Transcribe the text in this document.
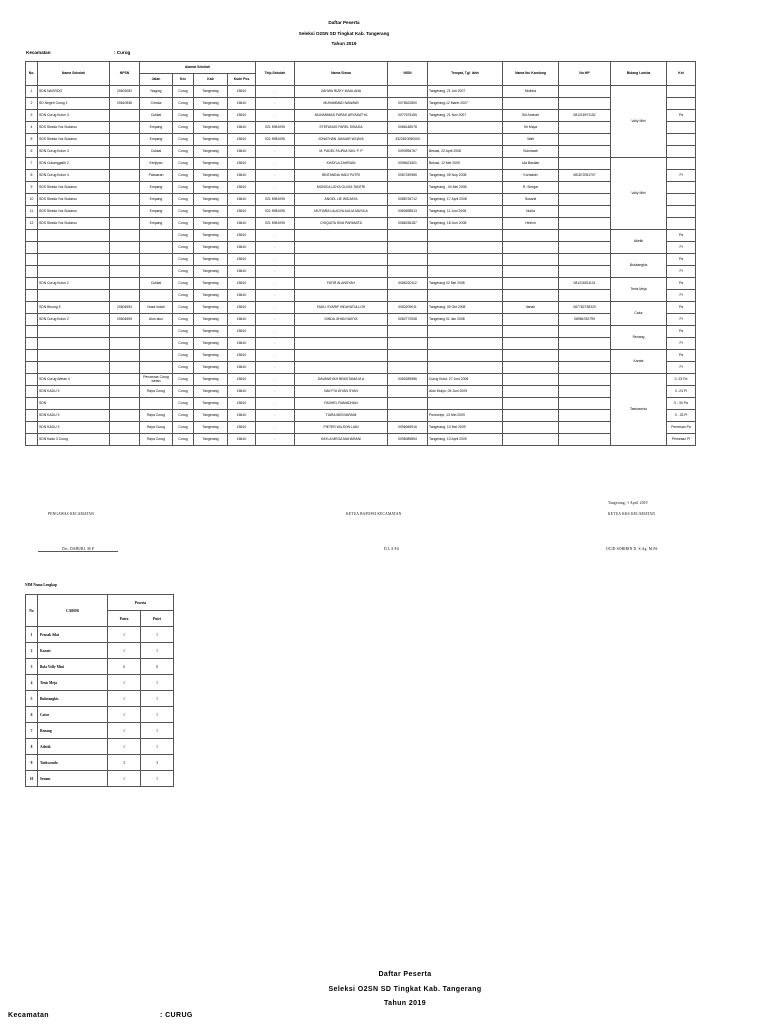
Daftar Peserta
Seleksi O2SN SD Tingkat Kab. Tangerang
Tahun 2019
Kecamatan	: Curug
No.	Nama Sekolah	NPSN	Alamat Sekolah				Telp.Sekolah	Nama Siswa	NISN	Tempat, Tgl. lahir	Nama Ibu Kandung	No.HP	Bidang Lomba	Ket
			Jalan	Kec	Kab	Kode Pos								
1	SDN NAGROG	20603052	Nagrog	Curug	Tangerang	15810	-	ZAHWA RIZKY MAULANA		Tangerang, 21 Juli 2007	Mufrina		Volly Mini	
2	SD Negeri Curug 1	20610536	Cimota	Curug	Tangerang	15810	-	MUHAMMAD NAWAWI	0076622800	Tangerang,12 Maret 2007				
3	SDN Curug Kulon 3		Cukkal	Curug	Tangerang	15810	-	MUHAMMAD FARAS ARYASATYA	0077675165	Tangerang, 21 Nov 2007	Siti Aminah	081216971152		Pa
4	SDS Strada Yos Sudarso		Empang	Curug	Tangerang	15810	021 5981095	STEFANUS FAREL SINAGA	0066148078		Sri Maya			
5	SDS Strada Yos Sudarso		Empang	Curug	Tangerang	15810	021 5981095	JONATHAN JANUAR WIJAYA	3322810050000		Wati			
6	SDN Curug Kulon 3		Cukkal	Curug	Tangerang	15810	-	M. FADEL FAJRULYAN. P. P	0093996767	Bekasi, 22 April 2008	Sulshwati			
7	SDN Cukanggalih 2		Kenjiyan	Curug	Tangerang	15810	-	KHAYLA ZAHRANI	0096621501	Bekasi, 12 Mei 2009	Lila Bastiah		Volly Mini	
8	SDN Curug Kulon 4		Pabuaran	Curug	Tangerang	15810	-	BINTANINA HADI PUTRI	0087249985	Tangerang, 05 Nop 2008	Kurniasih	081872051707		Pi
9	SDS Strada Yos Sudarso		Empang	Curug	Tangerang	15810	-	MONICA LIDYA OLIVIA TANTRI		Tangerang , 04 Mei 2008	R. Siregar			
10	SDS Strada Yos Sudarso		Empang	Curug	Tangerang	15810	021 5981095	ANGEL LIE WIDJAYA	0088726712	Tangerang, 17 April 2008	Susanti			
11	SDS Strada Yos Sudarso		Empang	Curug	Tangerang	15810	021 5981095	MUTIARA LALIDYA AULIA MUSILA	0083698513	Tangerang, 11 Juni 2008	Nurila			
12	SDS Strada Yos Sudarso		Empang	Curug	Tangerang	15810	021 5981095	CHIQUITA SIVA PARAMITA	0086236187	Tangerang, 18 Juni 2008	Helrich			
				Curug	Tangerang	15810	-						Atletik	Pa
				Curug	Tangerang	15810	-							Pi
				Curug	Tangerang	15810	-						Bulutangkis	Pa
				Curug	Tangerang	15810	-							Pi
	SDN Curug Kulon 2		Cukkal	Curug	Tangerang	15810	-	FATIR ALANSYAH	0086220112	Tangerang 02 Mei 2008		081216911101	Tenis Meja	Pa
				Curug	Tangerang	15810	-							Pi
	SDN Binong 5	20604594	Nusa Indah	Curug	Tangerang	15810	-	FADLI SYARIF HIDAYATULLOH	0083209011	Tangerang, 09 Okt 2008	Ilanah	087782738320	Catur	Pa
	SDN Curug Kulon 2	20604595	Alun alun	Curug	Tangerang	15810	-	DINDA JIHAN NAVYA	0082772008	Tangerang 01 Jan 2008		08966782799		Pi
				Curug	Tangerang	15810	-						Renang	Pa
				Curug	Tangerang	15810	-							Pi
				Curug	Tangerang	15810	-						Karate	Pa
				Curug	Tangerang	15810	-							Pi
	SDN Curug Wetan 4		Perumnas Curug wetan	Curug	Tangerang	15810	-	DAVANSYAH BRASTAMA M.A	0083289986	Curug Kulut, 27 Juni 2008			Taekwondo	0 -23 Pa
	SDN KADU 3		Raya Curug	Curug	Tangerang	15810	-	NAVYTA DIYAN SYAH		Aldo Mulyo, 05 Juni 2009				0 -23 Pi
	SDN			Curug	Tangerang	15810	-	FADHEL RAMADHAN						0 - 33 Pa
	SDN KADU 3		Raya Curug	Curug	Tangerang	15810	-	TIARA MEDVARANI		Purworejo, 13 Mei 2009				0 - 33 Pi
	SDN KADU 3		Raya Curug	Curug	Tangerang	15810	-	PIETER WILSON LIAN	0096066916	Tangerang, 10 Mei 2009				Pemesan Pa
	SDN Kadu 3 Curug		Raya Curug	Curug	Tangerang	15810	-	KAYLA MEGA MAHARANI	0096089854	Tangerang, 13 April 2009				Pemesan Pi
Tangerang, 1 April 2019
PENGAWAS KECAMATAN	KETUA BAPOPSI KECAMATAN	KETUA KKS KECAMATAN
Drs. DAHURI, M.P	D.L S.Pd	OCID SOBIRIN D. S.Ag. M.Pd
NIM Nama Lengkap
No	CABOR	Peserta	
		Putra	Putri
1	Pencak Silat	1	1
2	Karate	1	1
3	Bola Volly Mini	6	6
4	Tenis Meja	1	1
5	Bulutangkis	1	1
6	Catur	1	1
7	Renang	1	1
8	Atletik	1	1
9	Taekwondo	3	3
10	Senam	1	1
Daftar Peserta
Seleksi O2SN SD Tingkat Kab. Tangerang
Tahun 2019
Kecamatan	: CURUG
